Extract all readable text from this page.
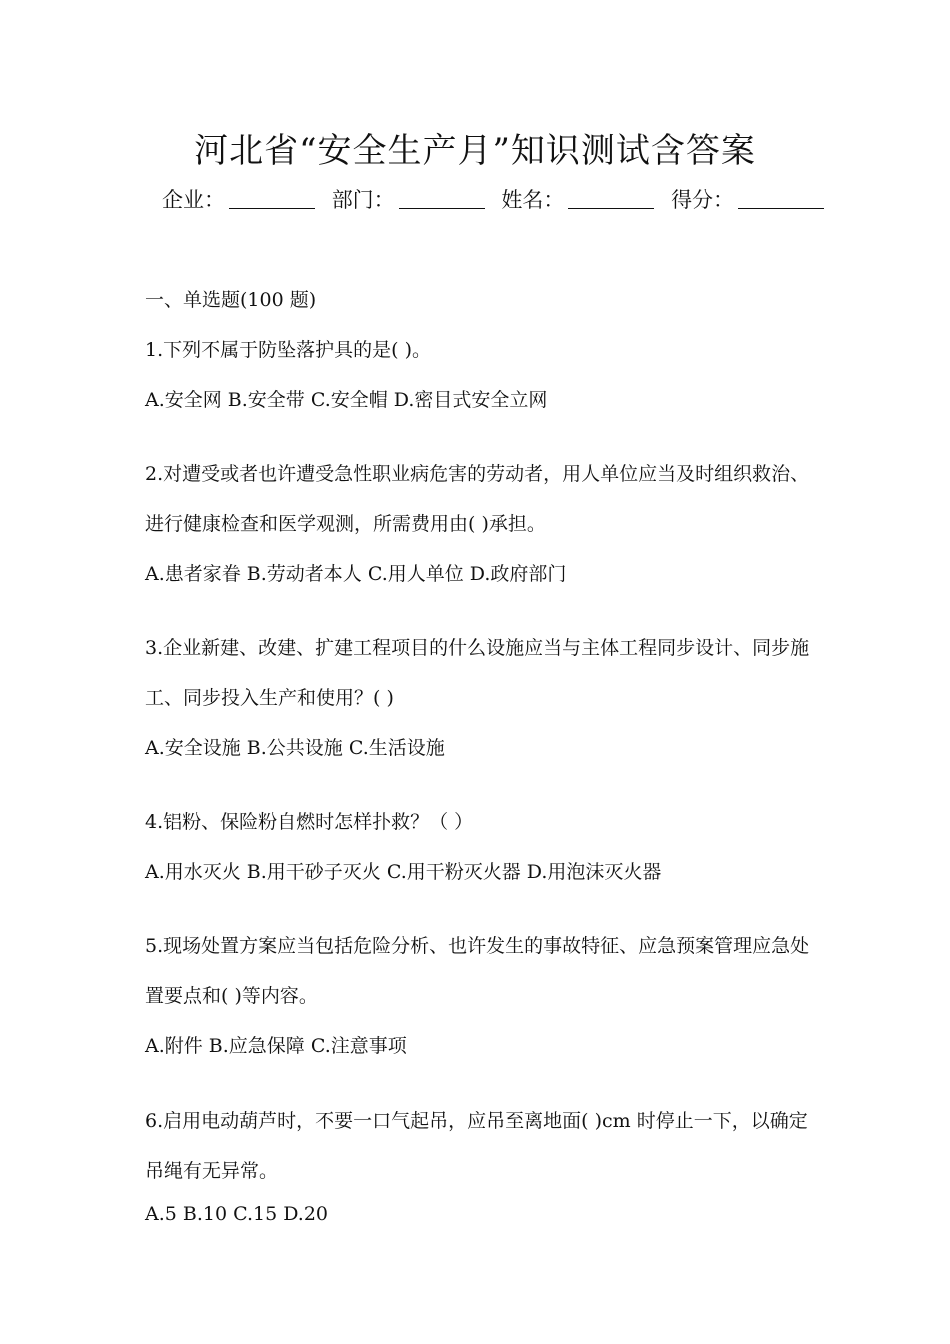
河北省“安全生产月”知识测试含答案
企业：	部门：	姓名：	得分：
一、单选题(100 题)
1.下列不属于防坠落护具的是( )。
A.安全网 B.安全带 C.安全帽 D.密目式安全立网
2.对遭受或者也许遭受急性职业病危害的劳动者，用人单位应当及时组织救治、进行健康检查和医学观测，所需费用由( )承担。
A.患者家眷 B.劳动者本人 C.用人单位 D.政府部门
3.企业新建、改建、扩建工程项目的什么设施应当与主体工程同步设计、同步施工、同步投入生产和使用？( )
A.安全设施 B.公共设施 C.生活设施
4.铝粉、保险粉自燃时怎样扑救？（ ）
A.用水灭火 B.用干砂子灭火 C.用干粉灭火器 D.用泡沫灭火器
5.现场处置方案应当包括危险分析、也许发生的事故特征、应急预案管理应急处置要点和( )等内容。
A.附件 B.应急保障 C.注意事项
6.启用电动葫芦时，不要一口气起吊，应吊至离地面( )cm 时停止一下，以确定吊绳有无异常。
A.5 B.10 C.15 D.20
